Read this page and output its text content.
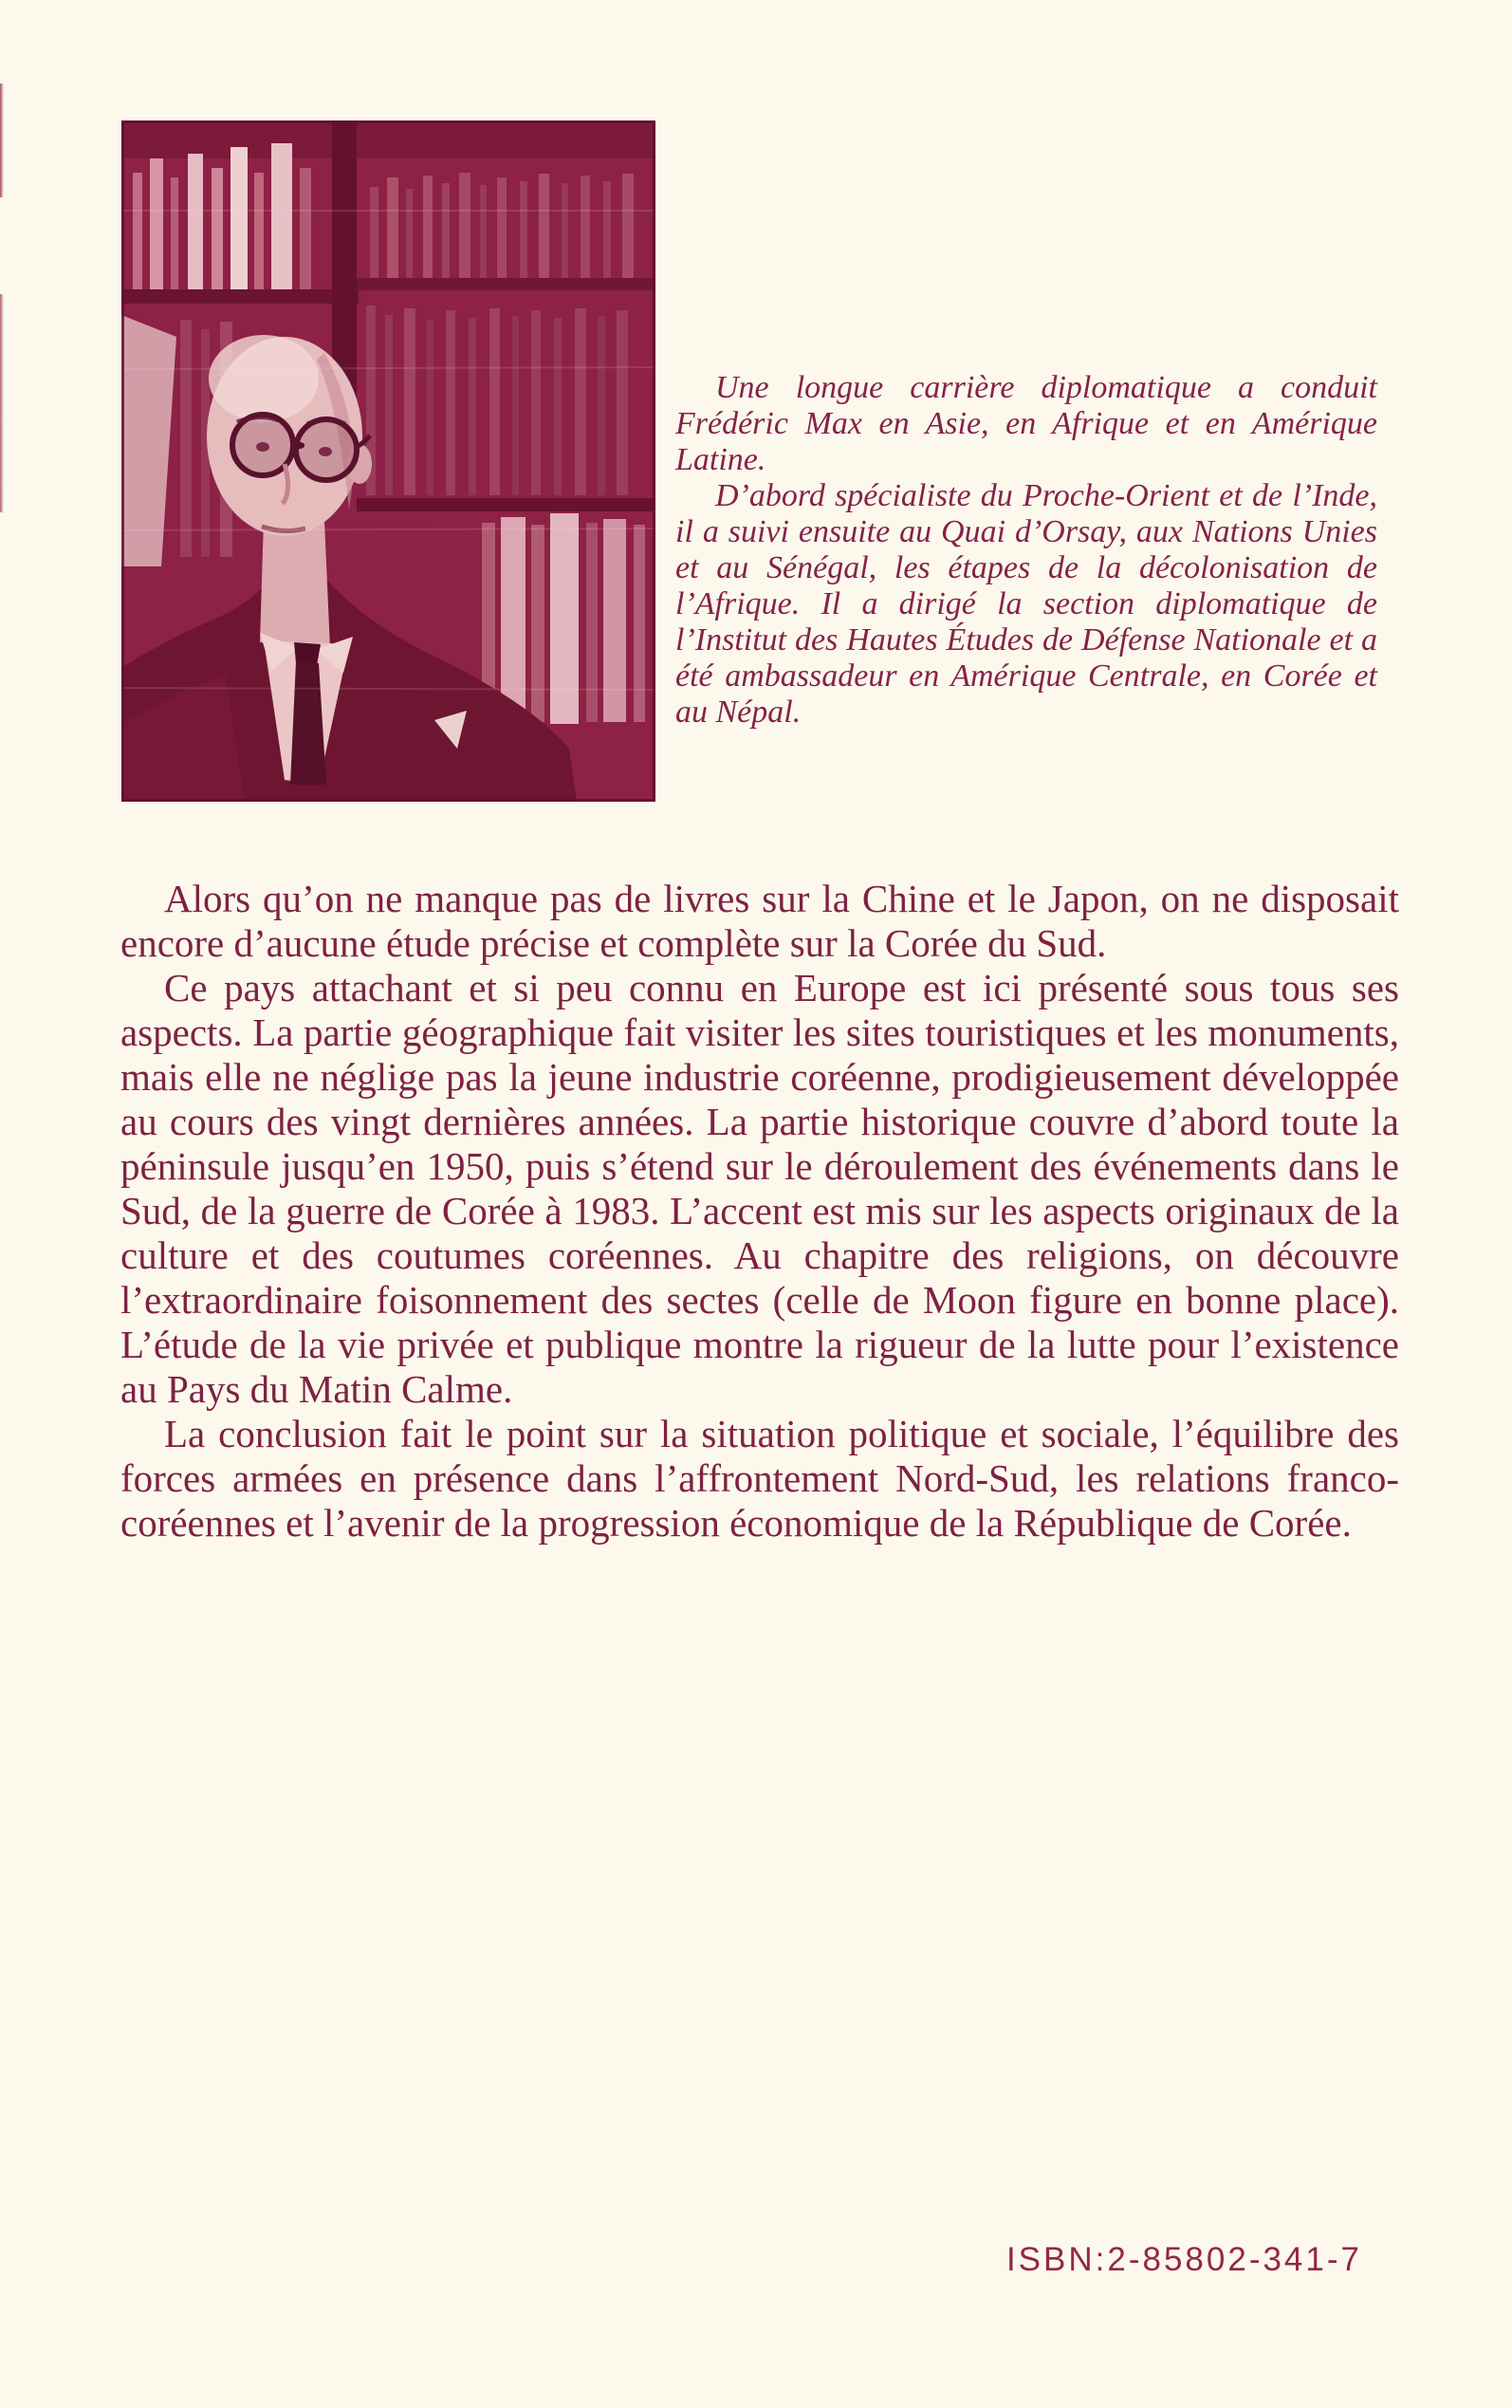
Une longue carrière diplomatique a conduit Frédéric Max en Asie, en Afrique et en Amérique Latine.

D’abord spécialiste du Proche-Orient et de l’Inde, il a suivi ensuite au Quai d’Orsay, aux Nations Unies et au Sénégal, les étapes de la décolonisation de l’Afrique. Il a dirigé la section diplomatique de l’Institut des Hautes Études de Défense Nationale et a été ambassadeur en Amérique Centrale, en Corée et au Népal.

Alors qu’on ne manque pas de livres sur la Chine et le Japon, on ne disposait encore d’aucune étude précise et complète sur la Corée du Sud.

Ce pays attachant et si peu connu en Europe est ici présenté sous tous ses aspects. La partie géographique fait visiter les sites touristiques et les monuments, mais elle ne néglige pas la jeune industrie coréenne, prodigieusement développée au cours des vingt dernières années. La partie historique couvre d’abord toute la péninsule jusqu’en 1950, puis s’étend sur le déroulement des événements dans le Sud, de la guerre de Corée à 1983. L’accent est mis sur les aspects originaux de la culture et des coutumes coréennes. Au chapitre des religions, on découvre l’extraordinaire foisonnement des sectes (celle de Moon figure en bonne place). L’étude de la vie privée et publique montre la rigueur de la lutte pour l’existence au Pays du Matin Calme.

La conclusion fait le point sur la situation politique et sociale, l’équilibre des forces armées en présence dans l’affrontement Nord-Sud, les relations franco-coréennes et l’avenir de la progression économique de la République de Corée.

ISBN:2-85802-341-7
